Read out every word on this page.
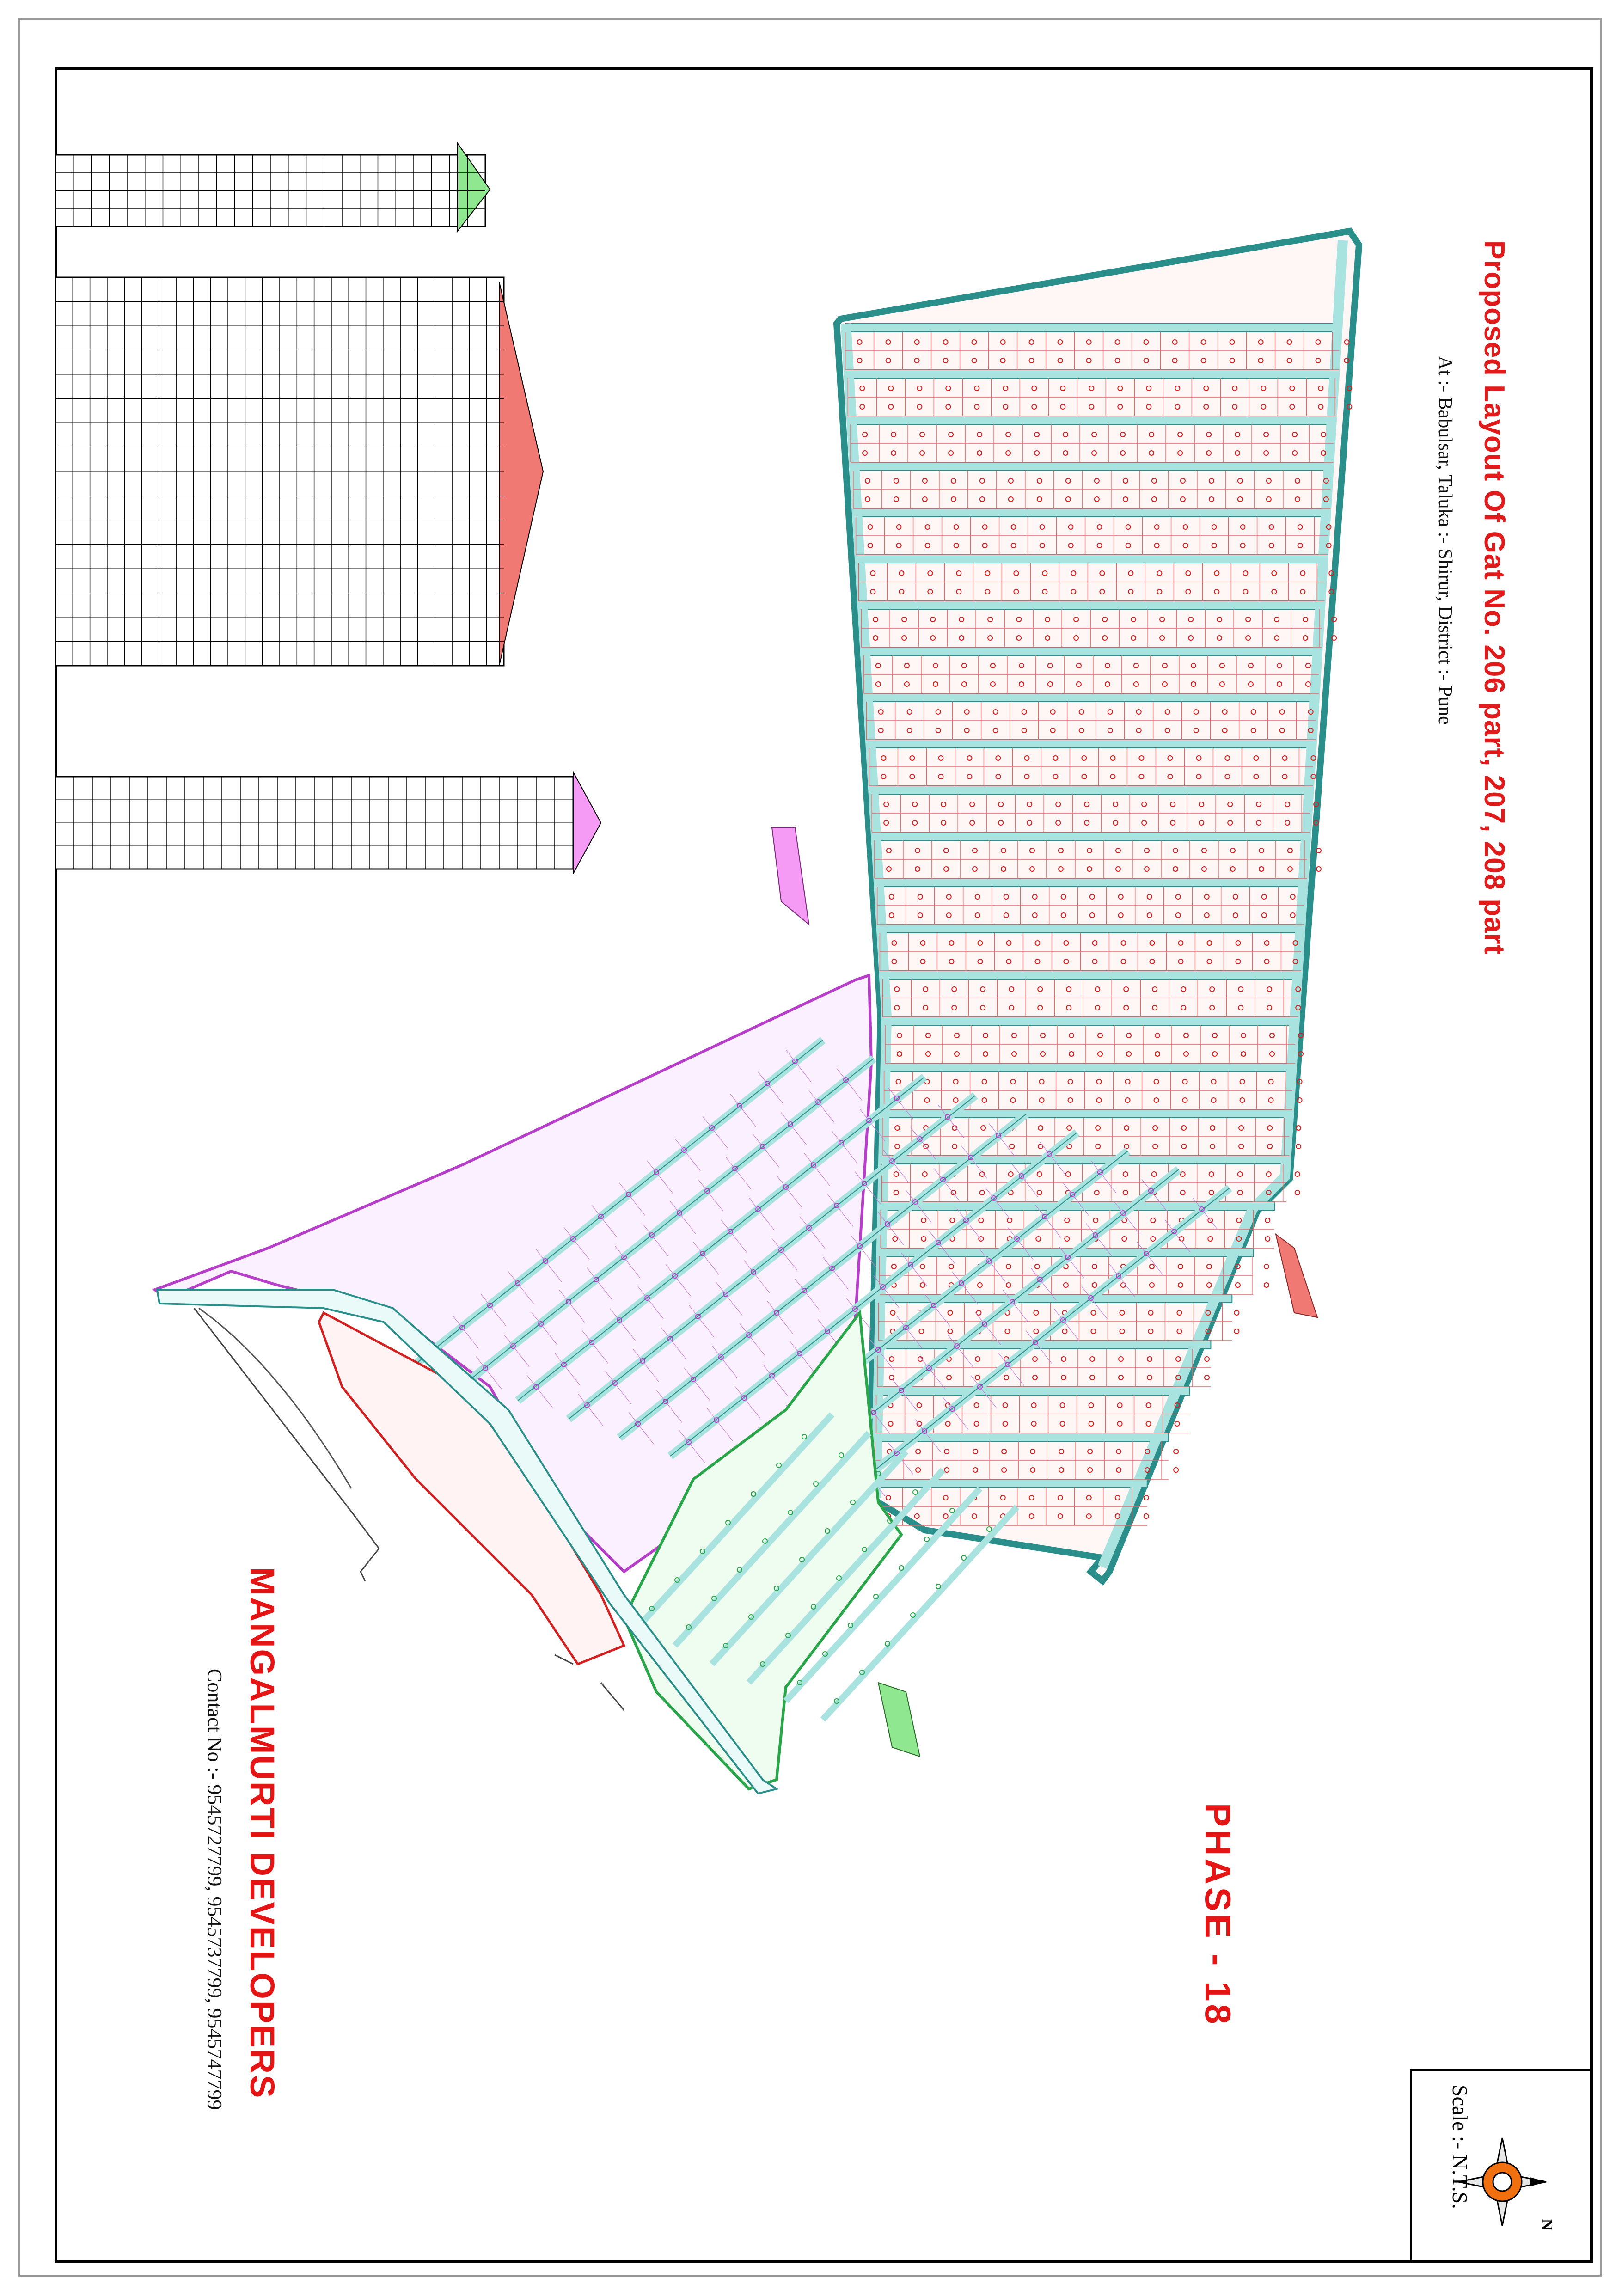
Proposed Layout Of Gat No. 206 part, 207, 208 part
At :- Babulsar, Taluka :- Shirur, District :- Pune
PHASE - 18
MANGALMURTI DEVELOPERS
Contact No :- 9545727799, 9545737799, 9545747799
Scale :- N.T.S.
N
